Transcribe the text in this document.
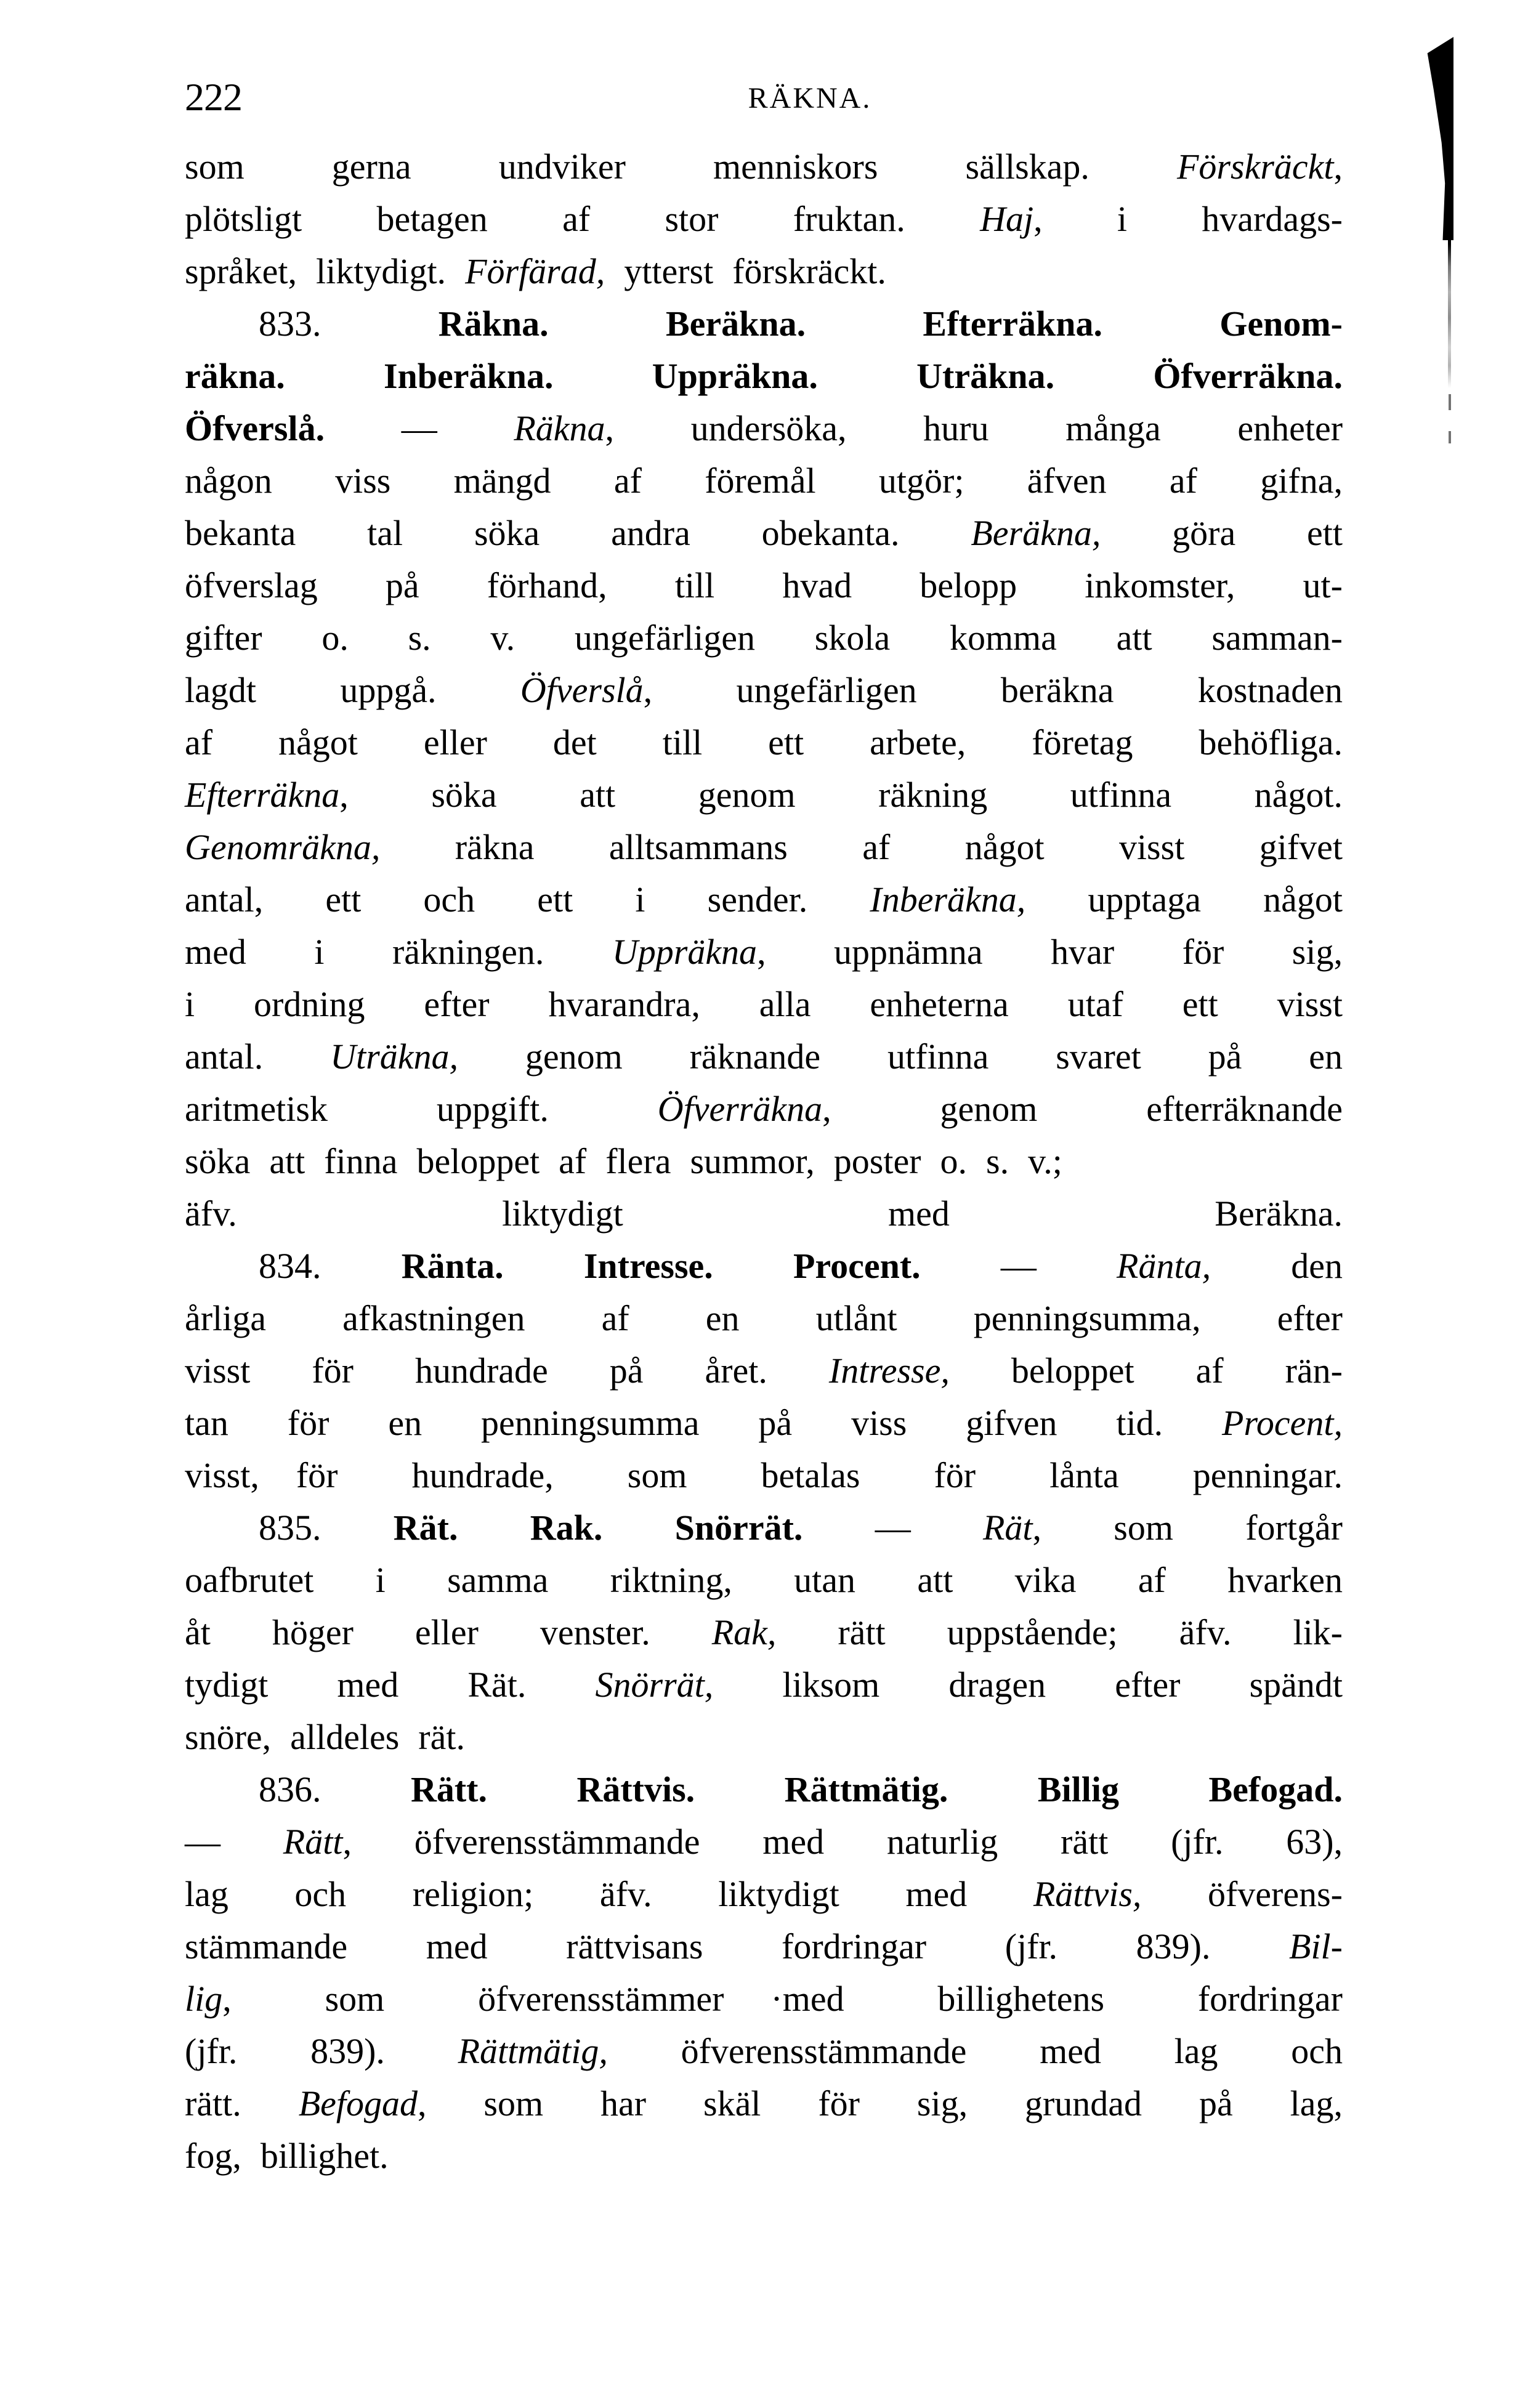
222	RÄKNA.
som  gerna  undviker  menniskors  sällskap.  Förskräckt,
plötsligt  betagen  af  stor  fruktan.  Haj,  i  hvardags-
språket,  liktydigt.  Förfärad,  ytterst  förskräckt.
833.  Räkna.  Beräkna.  Efterräkna.  Genom-
räkna.  Inberäkna.  Uppräkna.  Uträkna.  Öfverräkna.
Öfverslå.  —  Räkna,  undersöka,  huru  många  enheter
någon  viss  mängd  af  föremål  utgör;  äfven  af  gifna,
bekanta  tal  söka  andra  obekanta.  Beräkna,  göra  ett
öfverslag  på  förhand,  till  hvad  belopp  inkomster,  ut-
gifter  o.  s.  v.  ungefärligen  skola  komma  att  samman-
lagdt  uppgå.  Öfverslå,  ungefärligen  beräkna  kostnaden
af  något  eller  det  till  ett  arbete,  företag  behöfliga.
Efterräkna,  söka  att  genom  räkning  utfinna  något.
Genomräkna,  räkna  alltsammans  af  något  visst  gifvet
antal,  ett  och  ett  i  sender.  Inberäkna,  upptaga  något
med  i  räkningen.  Uppräkna,  uppnämna  hvar  för  sig,
i  ordning  efter  hvarandra,  alla  enheterna  utaf  ett  visst
antal.  Uträkna,  genom  räknande  utfinna  svaret  på  en
aritmetisk  uppgift.  Öfverräkna,  genom  efterräknande
söka  att  finna  beloppet  af  flera  summor,  poster  o.  s.  v.;
äfv.  liktydigt  med  Beräkna.
834.  Ränta.  Intresse.  Procent.  —  Ränta,  den
årliga  afkastningen  af  en  utlånt  penningsumma,  efter
visst  för  hundrade  på  året.  Intresse,  beloppet  af  rän-
tan  för  en  penningsumma  på  viss  gifven  tid.  Procent,
visst, för  hundrade,  som  betalas  för  lånta  penningar.
835.  Rät.  Rak.  Snörrät.  —  Rät,  som  fortgår
oafbrutet  i  samma  riktning,  utan  att  vika  af  hvarken
åt  höger  eller  venster.  Rak,  rätt  uppstående;  äfv.  lik-
tydigt  med  Rät.  Snörrät,  liksom  dragen  efter  spändt
snöre,  alldeles  rät.
836.  Rätt.  Rättvis.  Rättmätig.  Billig  Befogad.
—  Rätt,  öfverensstämmande  med  naturlig  rätt  (jfr.  63),
lag  och  religion;  äfv.  liktydigt  med  Rättvis,  öfverens-
stämmande  med  rättvisans  fordringar  (jfr.  839).  Bil-
lig,  som  öfverensstämmer ·med  billighetens  fordringar
(jfr.  839).  Rättmätig,  öfverensstämmande  med  lag  och
rätt.  Befogad,  som  har  skäl  för  sig,  grundad  på  lag,
fog,  billighet.
